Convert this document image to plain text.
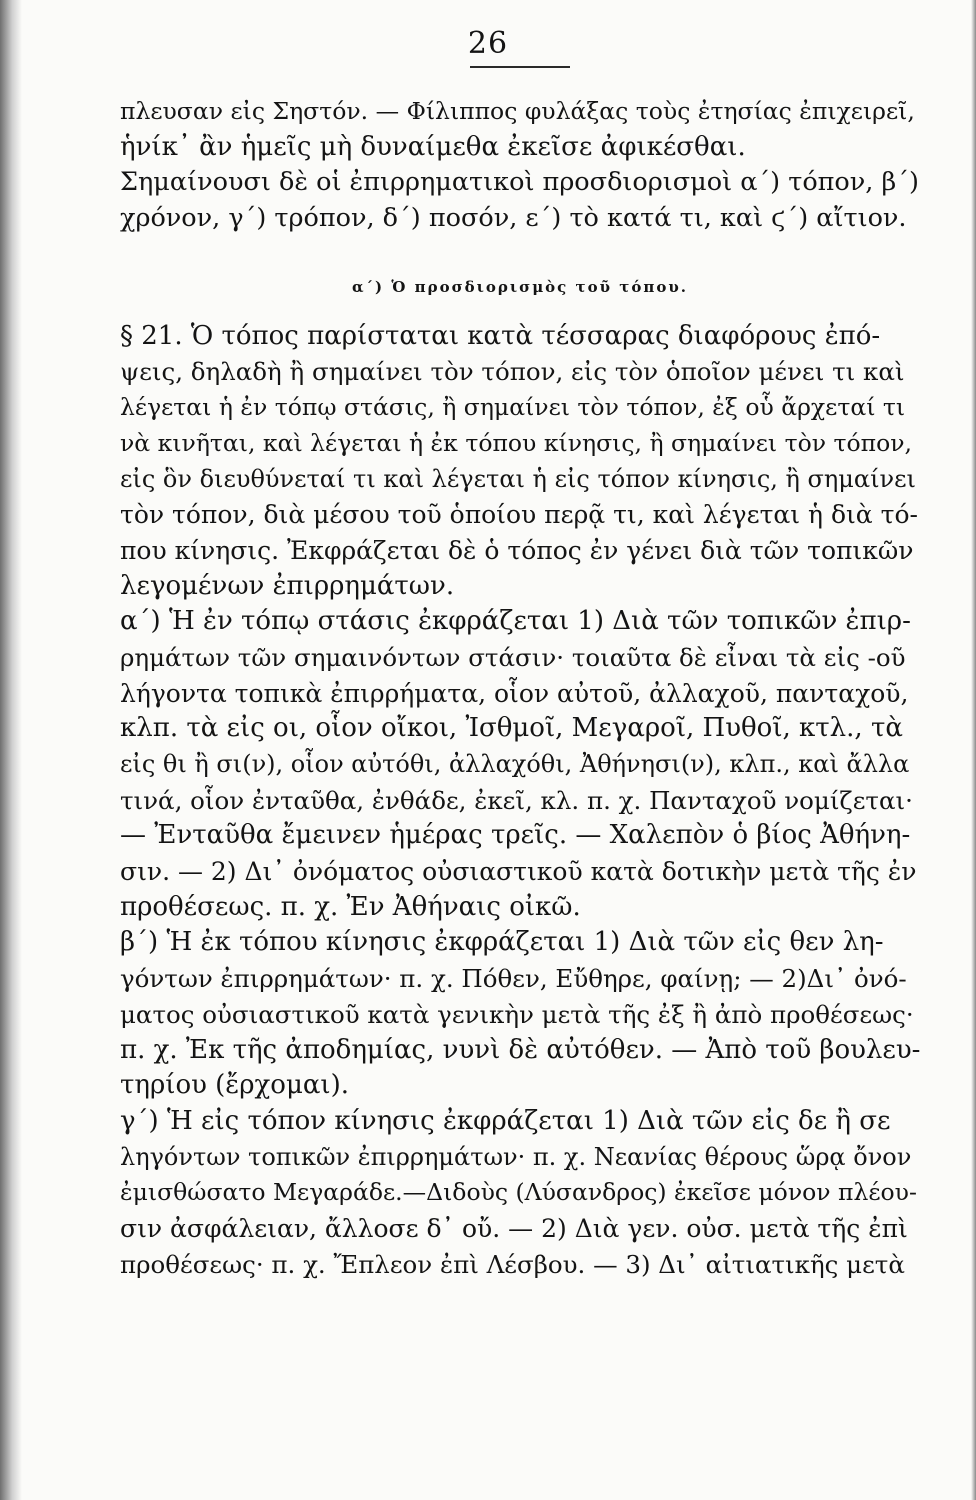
26
πλευσαν εἰς Σηστόν. — Φίλιππος φυλάξας τοὺς ἐτησίας ἐπιχειρεῖ,
ἡνίκ᾽ ἂν ἡμεῖς μὴ δυναίμεθα ἐκεῖσε ἀφικέσθαι.
Σημαίνουσι δὲ οἱ ἐπιρρηματικοὶ προσδιορισμοὶ α΄) τόπον, β΄)
χρόνον, γ΄) τρόπον, δ΄) ποσόν, ε΄) τὸ κατά τι, καὶ ϛ΄) αἴτιον.
α΄) Ὁ προσδιορισμὸς τοῦ τόπου.
§ 21. Ὁ τόπος παρίσταται κατὰ τέσσαρας διαφόρους ἐπό-
ψεις, δηλαδὴ ἢ σημαίνει τὸν τόπον, εἰς τὸν ὁποῖον μένει τι καὶ
λέγεται ἡ ἐν τόπῳ στάσις, ἢ σημαίνει τὸν τόπον, ἐξ οὗ ἄρχεταί τι
νὰ κινῆται, καὶ λέγεται ἡ ἐκ τόπου κίνησις, ἢ σημαίνει τὸν τόπον,
εἰς ὃν διευθύνεταί τι καὶ λέγεται ἡ εἰς τόπον κίνησις, ἢ σημαίνει
τὸν τόπον, διὰ μέσου τοῦ ὁποίου περᾷ τι, καὶ λέγεται ἡ διὰ τό-
που κίνησις. Ἐκφράζεται δὲ ὁ τόπος ἐν γένει διὰ τῶν τοπικῶν
λεγομένων ἐπιρρημάτων.
α΄) Ἡ ἐν τόπῳ στάσις ἐκφράζεται 1) Διὰ τῶν τοπικῶν ἐπιρ-
ρημάτων τῶν σημαινόντων στάσιν· τοιαῦτα δὲ εἶναι τὰ εἰς -οῦ
λήγοντα τοπικὰ ἐπιρρήματα, οἷον αὐτοῦ, ἀλλαχοῦ, πανταχοῦ,
κλπ. τὰ εἰς οι, οἷον οἴκοι, Ἰσθμοῖ, Μεγαροῖ, Πυθοῖ, κτλ., τὰ
εἰς θι ἢ σι(ν), οἷον αὐτόθι, ἀλλαχόθι, Ἀθήνησι(ν), κλπ., καὶ ἄλλα
τινά, οἷον ἐνταῦθα, ἐνθάδε, ἐκεῖ, κλ. π. χ. Πανταχοῦ νομίζεται·
— Ἐνταῦθα ἔμεινεν ἡμέρας τρεῖς. — Χαλεπὸν ὁ βίος Ἀθήνη-
σιν. — 2) Δι᾽ ὀνόματος οὐσιαστικοῦ κατὰ δοτικὴν μετὰ τῆς ἐν
προθέσεως. π. χ. Ἐν Ἀθήναις οἰκῶ.
β΄) Ἡ ἐκ τόπου κίνησις ἐκφράζεται 1) Διὰ τῶν εἰς θεν λη-
γόντων ἐπιρρημάτων· π. χ. Πόθεν, Εὔθηρε, φαίνῃ; — 2)Δι᾽ ὀνό-
ματος οὐσιαστικοῦ κατὰ γενικὴν μετὰ τῆς ἐξ ἢ ἀπὸ προθέσεως·
π. χ. Ἐκ τῆς ἀποδημίας, νυνὶ δὲ αὐτόθεν. — Ἀπὸ τοῦ βουλευ-
τηρίου (ἔρχομαι).
γ΄) Ἡ εἰς τόπον κίνησις ἐκφράζεται 1) Διὰ τῶν εἰς δε ἢ σε
ληγόντων τοπικῶν ἐπιρρημάτων· π. χ. Νεανίας θέρους ὥρᾳ ὄνον
ἐμισθώσατο Μεγαράδε.—Διδοὺς (Λύσανδρος) ἐκεῖσε μόνον πλέου-
σιν ἀσφάλειαν, ἄλλοσε δ᾽ οὔ. — 2) Διὰ γεν. οὐσ. μετὰ τῆς ἐπὶ
προθέσεως· π. χ. Ἔπλεον ἐπὶ Λέσβου. — 3) Δι᾽ αἰτιατικῆς μετὰ
